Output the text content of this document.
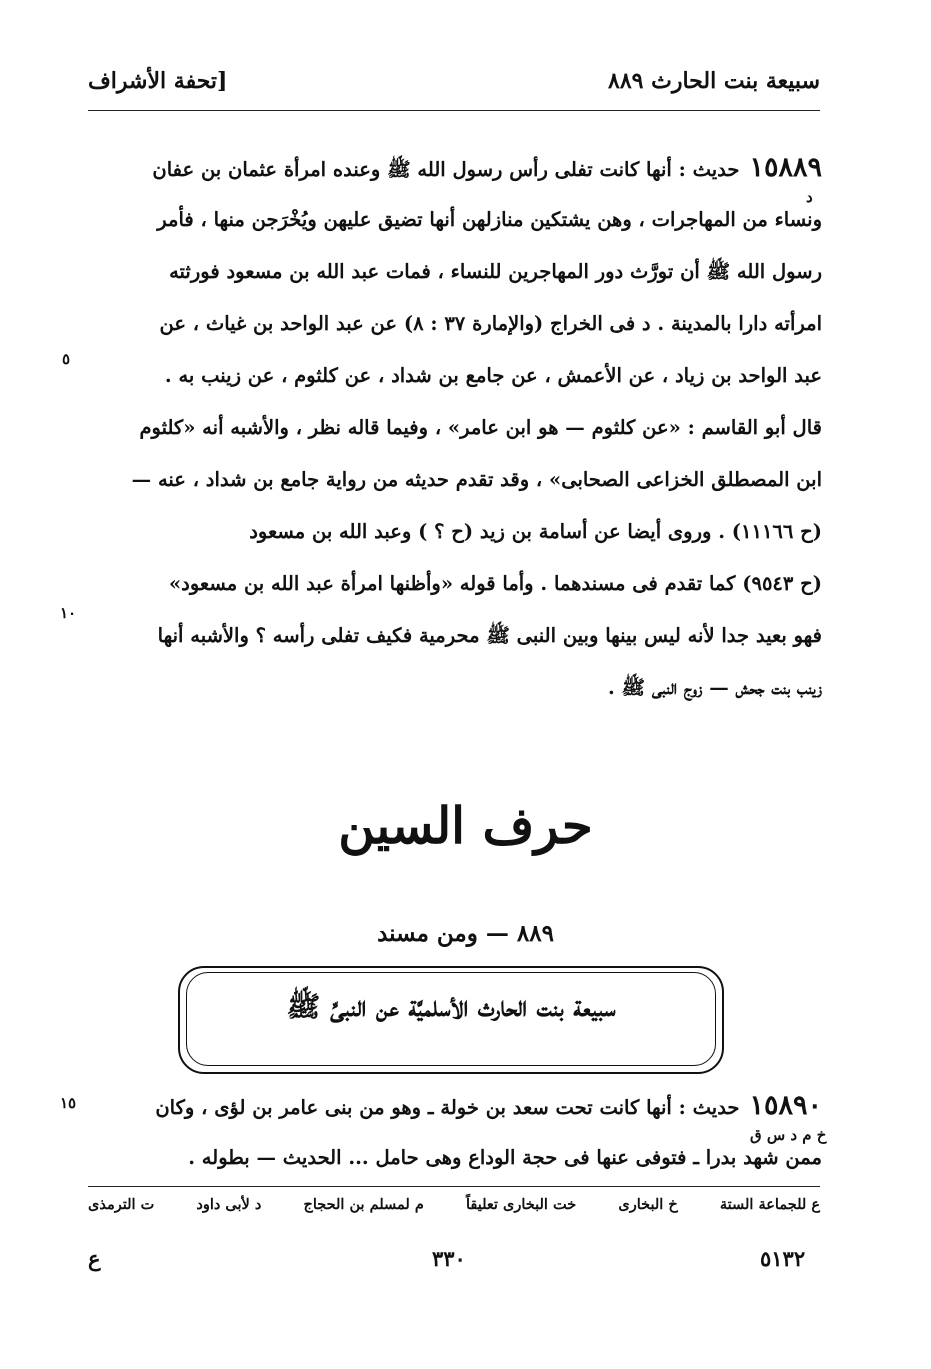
سبيعة بنت الحارث ٨٨٩
[تحفة الأشراف
١٥٨٨٩حديث : أنها كانت تفلى رأس رسول الله ﷺ وعنده امرأة عثمان بن عفان
ونساء من المهاجرات ، وهن يشتكين منازلهن أنها تضيق عليهن ويُخْرَجن منها ، فأمر
رسول الله ﷺ أن تورَّث دور المهاجرين للنساء ، فمات عبد الله بن مسعود فورثته
امرأته دارا بالمدينة . د فى الخراج (والإمارة ٣٧ : ٨) عن عبد الواحد بن غياث ، عن
عبد الواحد بن زياد ، عن الأعمش ، عن جامع بن شداد ، عن كلثوم ، عن زينب به .
قال أبو القاسم : «عن كلثوم — هو ابن عامر» ، وفيما قاله نظر ، والأشبه أنه «كلثوم
ابن المصطلق الخزاعى الصحابى» ، وقد تقدم حديثه من رواية جامع بن شداد ، عنه —
(ح ١١١٦٦) . وروى أيضا عن أسامة بن زيد (ح ؟ ) وعبد الله بن مسعود
(ح ٩٥٤٣) كما تقدم فى مسندهما . وأما قوله «وأظنها امرأة عبد الله بن مسعود»
فهو بعيد جدا لأنه ليس بينها وبين النبى ﷺ محرمية فكيف تفلى رأسه ؟ والأشبه أنها
زينب بنت جحش — زوج النبى ﷺ .
د
٥
١٠
حرف السين
٨٨٩ — ومن مسند
سبيعة بنت الحارث الأسلميَّة عن النبىِّ ﷺ
١٥٨٩٠حديث : أنها كانت تحت سعد بن خولة ـ وهو من بنى عامر بن لؤى ، وكان
ممن شهد بدرا ـ فتوفى عنها فى حجة الوداع وهى حامل ... الحديث — بطوله .
خ م د س ق
١٥
ع للجماعة الستة
خ البخارى
خت البخارى تعليقاً
م لمسلم بن الحجاج
د لأبى داود
ت الترمذى
ع	٣٣٠	٥١٣٢
